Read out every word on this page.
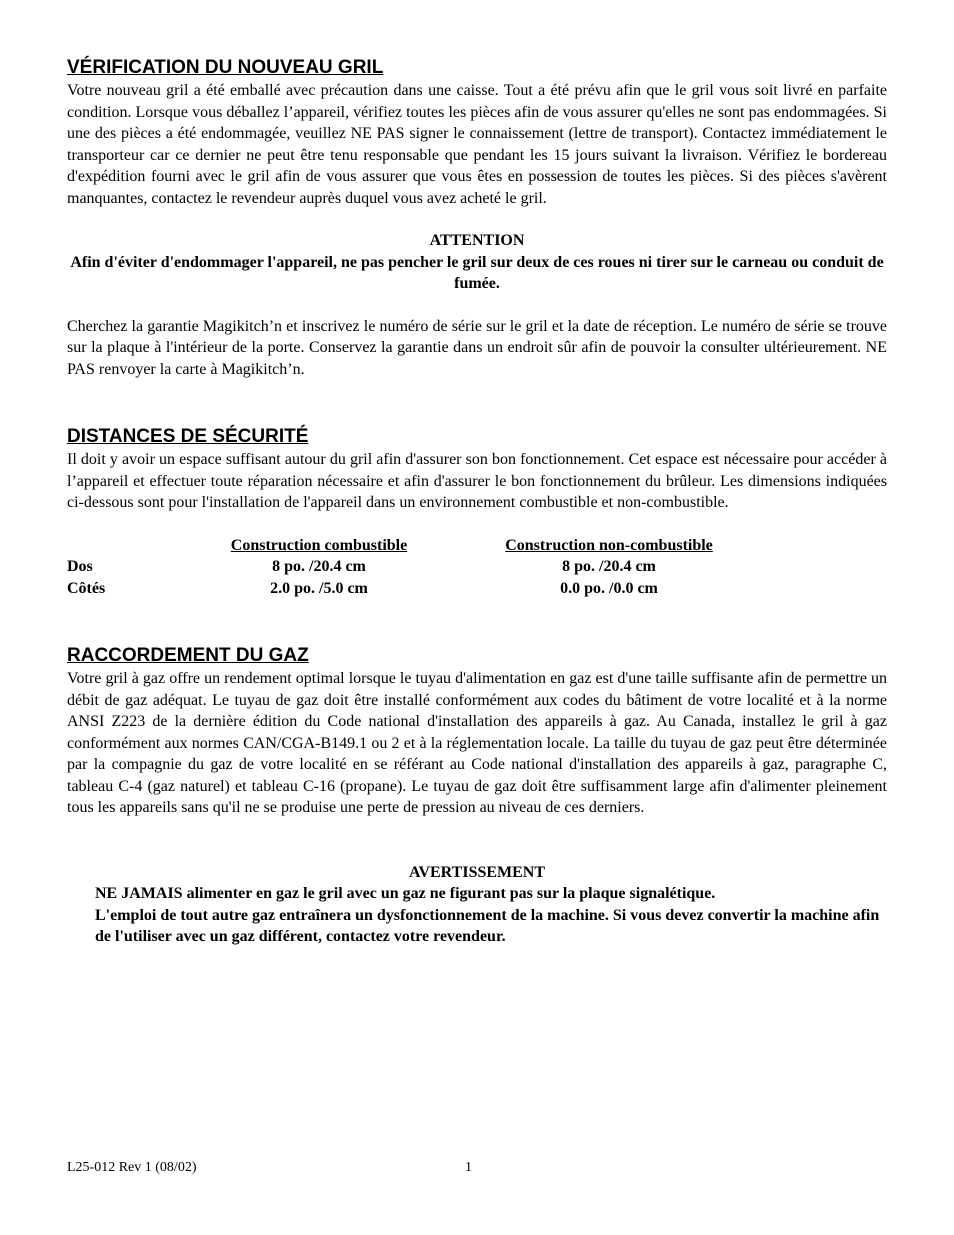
VÉRIFICATION DU NOUVEAU GRIL

Votre nouveau gril a été emballé avec précaution dans une caisse. Tout a été prévu afin que le gril vous soit livré en parfaite condition. Lorsque vous déballez l’appareil, vérifiez toutes les pièces afin de vous assurer qu'elles ne sont pas endommagées. Si une des pièces a été endommagée, veuillez NE PAS signer le connaissement (lettre de transport). Contactez immédiatement le transporteur car ce dernier ne peut être tenu responsable que pendant les 15 jours suivant la livraison. Vérifiez le bordereau d'expédition fourni avec le gril afin de vous assurer que vous êtes en possession de toutes les pièces. Si des pièces s'avèrent manquantes, contactez le revendeur auprès duquel vous avez acheté le gril.

ATTENTION

Afin d'éviter d'endommager l'appareil, ne pas pencher le gril sur deux de ces roues ni tirer sur le carneau ou conduit de fumée.

Cherchez la garantie Magikitch’n et inscrivez le numéro de série sur le gril et la date de réception. Le numéro de série se trouve sur la plaque à l'intérieur de la porte. Conservez la garantie dans un endroit sûr afin de pouvoir la consulter ultérieurement. NE PAS renvoyer la carte à Magikitch’n.

DISTANCES DE SÉCURITÉ

Il doit y avoir un espace suffisant autour du gril afin d'assurer son bon fonctionnement. Cet espace est nécessaire pour accéder à l’appareil et effectuer toute réparation nécessaire et afin d'assurer le bon fonctionnement du brûleur. Les dimensions indiquées ci-dessous sont pour l'installation de l'appareil dans un environnement combustible et non-combustible.

	Construction combustible	Construction non-combustible
Dos	8 po. /20.4 cm	8 po. /20.4 cm
Côtés	2.0 po. /5.0 cm	0.0 po. /0.0 cm
RACCORDEMENT DU GAZ

Votre gril à gaz offre un rendement optimal lorsque le tuyau d'alimentation en gaz est d'une taille suffisante afin de permettre un débit de gaz adéquat. Le tuyau de gaz doit être installé conformément aux codes du bâtiment de votre localité et à la norme ANSI Z223 de la dernière édition du Code national d'installation des appareils à gaz. Au Canada, installez le gril à gaz conformément aux normes CAN/CGA-B149.1 ou 2 et à la réglementation locale. La taille du tuyau de gaz peut être déterminée par la compagnie du gaz de votre localité en se référant au Code national d'installation des appareils à gaz, paragraphe C, tableau C-4 (gaz naturel) et tableau C-16 (propane). Le tuyau de gaz doit être suffisamment large afin d'alimenter pleinement tous les appareils sans qu'il ne se produise une perte de pression au niveau de ces derniers.

AVERTISSEMENT

NE JAMAIS alimenter en gaz le gril avec un gaz ne figurant pas sur la plaque signalétique.

L'emploi de tout autre gaz entraînera un dysfonctionnement de la machine. Si vous devez convertir la machine afin de l'utiliser avec un gaz différent, contactez votre revendeur.

L25-012 Rev 1 (08/02)	1
